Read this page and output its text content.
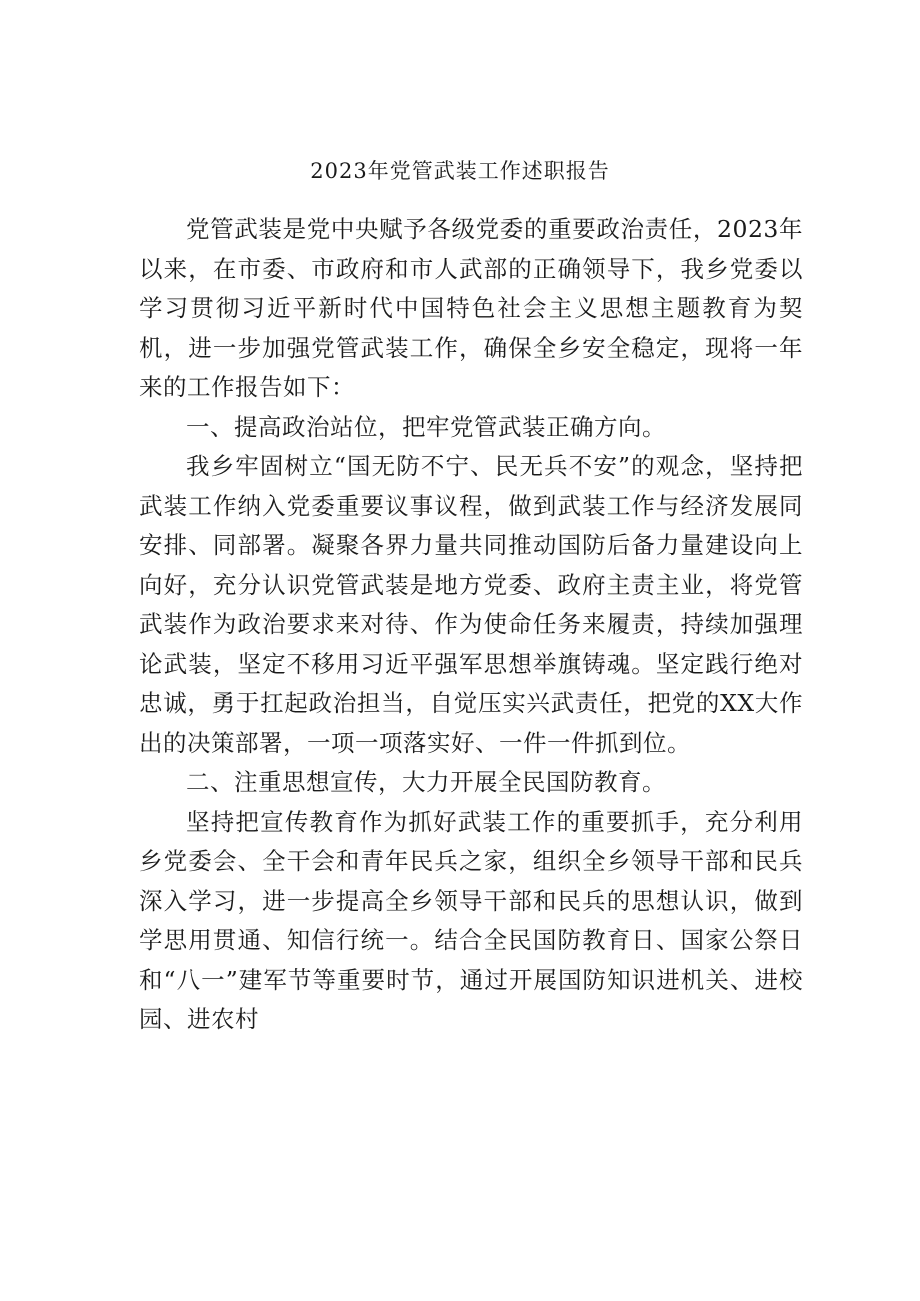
2023年党管武装工作述职报告

党管武装是党中央赋予各级党委的重要政治责任，2023年以来，在市委、市政府和市人武部的正确领导下，我乡党委以学习贯彻习近平新时代中国特色社会主义思想主题教育为契机，进一步加强党管武装工作，确保全乡安全稳定，现将一年来的工作报告如下：

一、提高政治站位，把牢党管武装正确方向。

我乡牢固树立“国无防不宁、民无兵不安”的观念，坚持把武装工作纳入党委重要议事议程，做到武装工作与经济发展同安排、同部署。凝聚各界力量共同推动国防后备力量建设向上向好，充分认识党管武装是地方党委、政府主责主业，将党管武装作为政治要求来对待、作为使命任务来履责，持续加强理论武装，坚定不移用习近平强军思想举旗铸魂。坚定践行绝对忠诚，勇于扛起政治担当，自觉压实兴武责任，把党的XX大作出的决策部署，一项一项落实好、一件一件抓到位。

二、注重思想宣传，大力开展全民国防教育。

坚持把宣传教育作为抓好武装工作的重要抓手，充分利用乡党委会、全干会和青年民兵之家，组织全乡领导干部和民兵深入学习，进一步提高全乡领导干部和民兵的思想认识，做到学思用贯通、知信行统一。结合全民国防教育日、国家公祭日和“八一”建军节等重要时节，通过开展国防知识进机关、进校园、进农村
